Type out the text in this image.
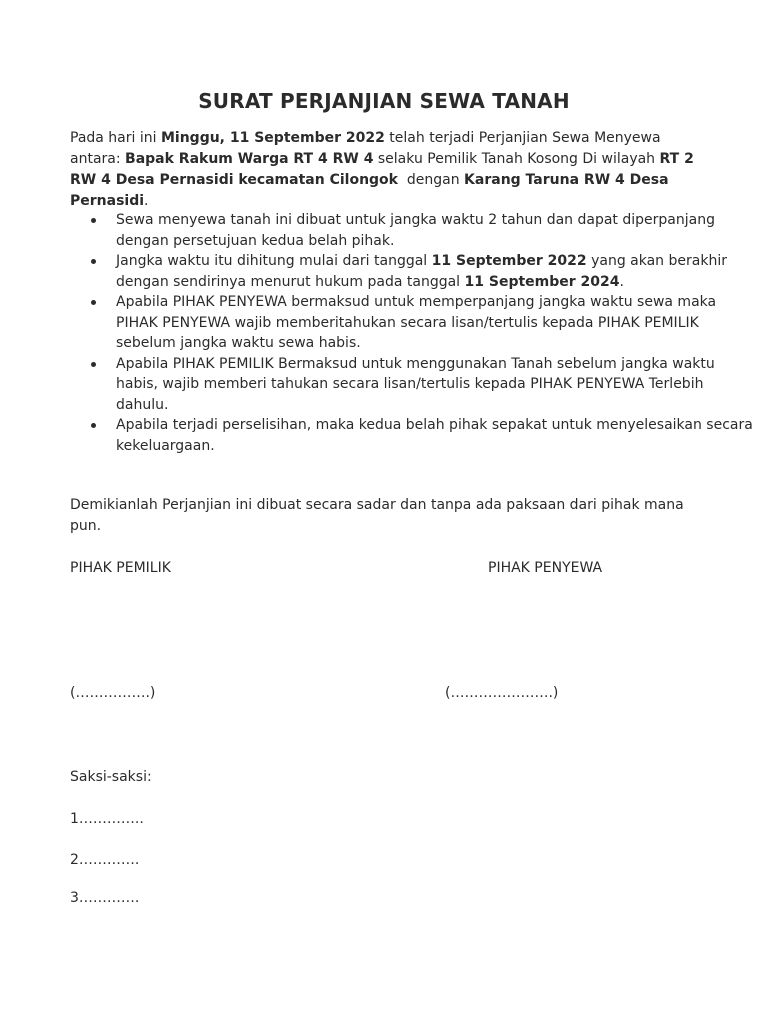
SURAT PERJANJIAN SEWA TANAH
Pada hari ini Minggu, 11 September 2022 telah terjadi Perjanjian Sewa Menyewa antara: Bapak Rakum Warga RT 4 RW 4 selaku Pemilik Tanah Kosong Di wilayah RT 2 RW 4 Desa Pernasidi kecamatan Cilongok  dengan Karang Taruna RW 4 Desa Pernasidi.
Sewa menyewa tanah ini dibuat untuk jangka waktu 2 tahun dan dapat diperpanjang dengan persetujuan kedua belah pihak.
Jangka waktu itu dihitung mulai dari tanggal 11 September 2022 yang akan berakhir dengan sendirinya menurut hukum pada tanggal 11 September 2024.
Apabila PIHAK PENYEWA bermaksud untuk memperpanjang jangka waktu sewa maka PIHAK PENYEWA wajib memberitahukan secara lisan/tertulis kepada PIHAK PEMILIK sebelum jangka waktu sewa habis.
Apabila PIHAK PEMILIK Bermaksud untuk menggunakan Tanah sebelum jangka waktu habis, wajib memberi tahukan secara lisan/tertulis kepada PIHAK PENYEWA Terlebih dahulu.
Apabila terjadi perselisihan, maka kedua belah pihak sepakat untuk menyelesaikan secara kekeluargaan.
Demikianlah Perjanjian ini dibuat secara sadar dan tanpa ada paksaan dari pihak mana pun.
PIHAK PEMILIK	PIHAK PENYEWA
(…………….)	(………………….)
Saksi-saksi:
1…………..
2………….
3………….
